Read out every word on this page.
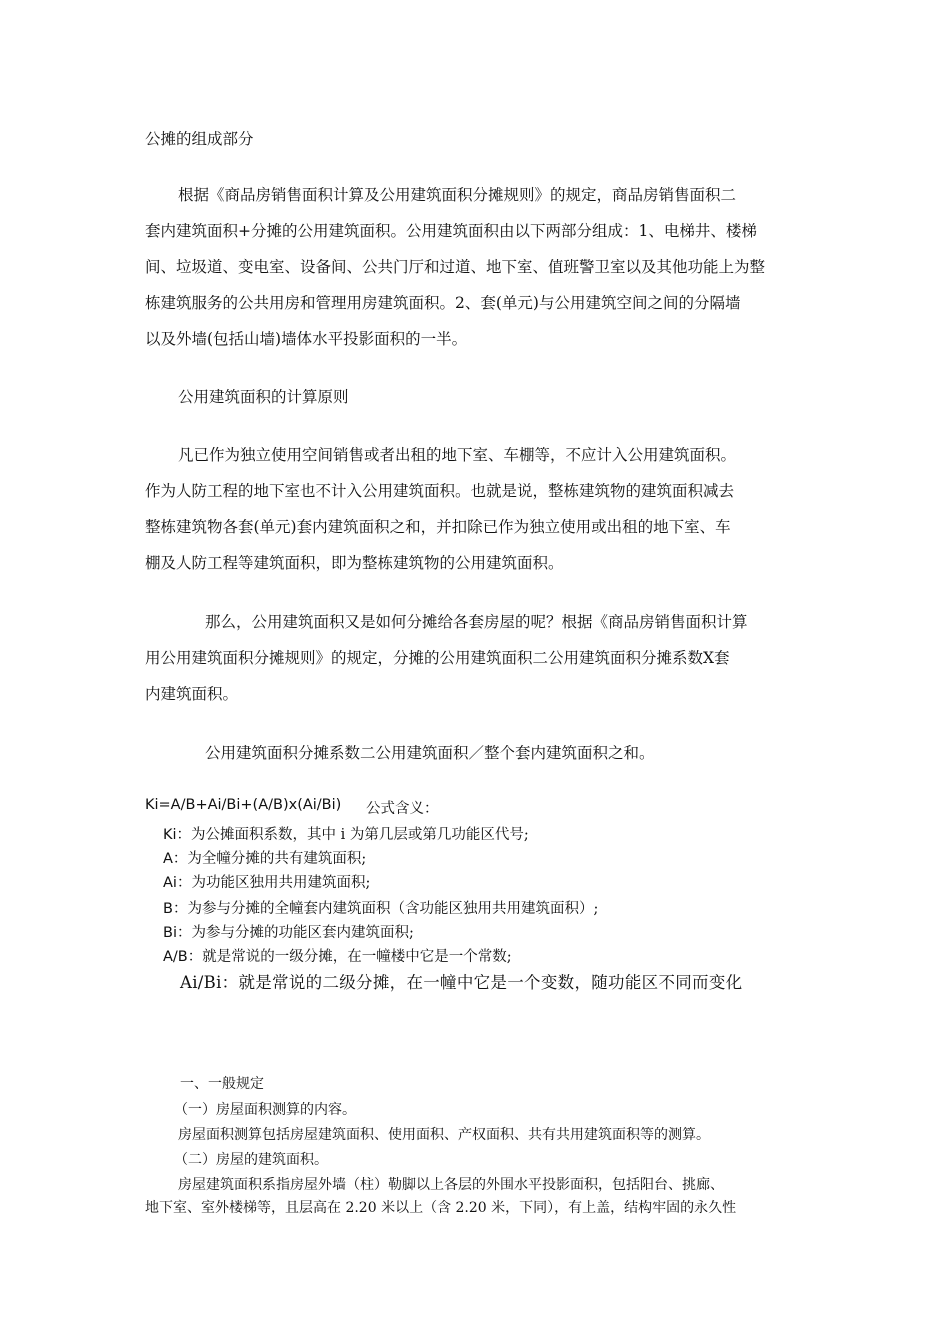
公摊的组成部分
根据《商品房销售面积计算及公用建筑面积分摊规则》的规定，商品房销售面积二
套内建筑面积+分摊的公用建筑面积。公用建筑面积由以下两部分组成：1、电梯井、楼梯
间、垃圾道、变电室、设备间、公共门厅和过道、地下室、值班警卫室以及其他功能上为整
栋建筑服务的公共用房和管理用房建筑面积。2、套(单元)与公用建筑空间之间的分隔墙
以及外墙(包括山墙)墙体水平投影面积的一半。
公用建筑面积的计算原则
凡已作为独立使用空间销售或者出租的地下室、车棚等，不应计入公用建筑面积。
作为人防工程的地下室也不计入公用建筑面积。也就是说，整栋建筑物的建筑面积减去
整栋建筑物各套(单元)套内建筑面积之和，并扣除已作为独立使用或出租的地下室、车
棚及人防工程等建筑面积，即为整栋建筑物的公用建筑面积。
那么，公用建筑面积又是如何分摊给各套房屋的呢？根据《商品房销售面积计算
用公用建筑面积分摊规则》的规定，分摊的公用建筑面积二公用建筑面积分摊系数X套
内建筑面积。
公用建筑面积分摊系数二公用建筑面积／整个套内建筑面积之和。
Ki=A/B+Ai/Bi+(A/B)x(Ai/Bi) 公式含义：
Ki：为公摊面积系数，其中 i 为第几层或第几功能区代号;
A：为全幢分摊的共有建筑面积;
Ai：为功能区独用共用建筑面积;
B：为参与分摊的全幢套内建筑面积（含功能区独用共用建筑面积）;
Bi：为参与分摊的功能区套内建筑面积;
A/B：就是常说的一级分摊，在一幢楼中它是一个常数;
Ai/Bi：就是常说的二级分摊，在一幢中它是一个变数，随功能区不同而变化
一、一般规定
（一）房屋面积测算的内容。
房屋面积测算包括房屋建筑面积、使用面积、产权面积、共有共用建筑面积等的测算。
（二）房屋的建筑面积。
房屋建筑面积系指房屋外墙（柱）勒脚以上各层的外围水平投影面积，包括阳台、挑廊、
地下室、室外楼梯等，且层高在 2.20 米以上（含 2.20 米，下同），有上盖，结构牢固的永久性
